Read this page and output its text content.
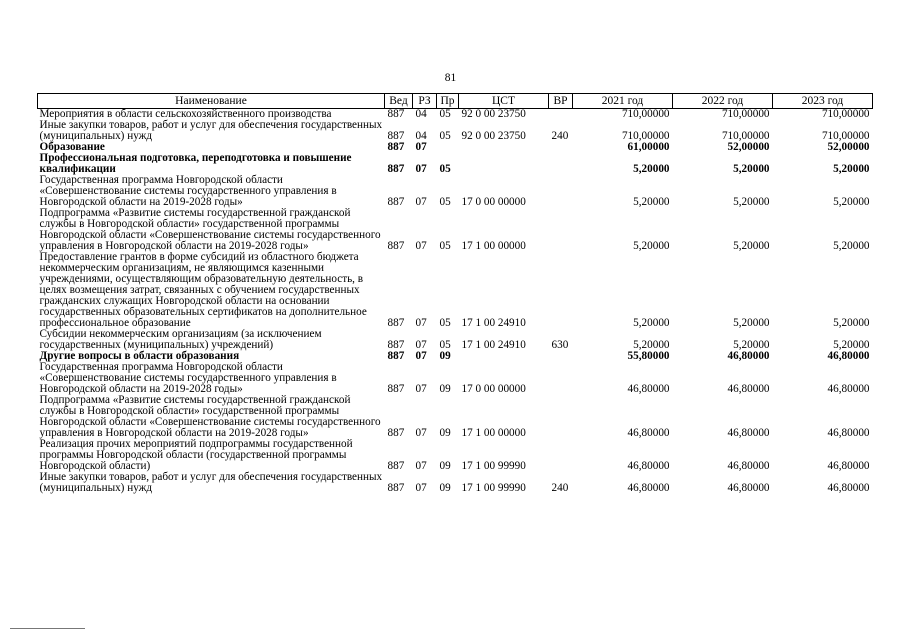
81
Наименование	Вед	РЗ	Пр	ЦСТ	ВР	2021 год	2022 год	2023 год
Мероприятия в области сельскохозяйственного производства	887	04	05	92 0 00 23750		710,00000	710,00000	710,00000
Иные закупки товаров, работ и услуг для обеспечения государственных (муниципальных) нужд	887	04	05	92 0 00 23750	240	710,00000	710,00000	710,00000
Образование	887	07				61,00000	52,00000	52,00000
Профессиональная подготовка, переподготовка и повышение квалификации	887	07	05			5,20000	5,20000	5,20000
Государственная программа Новгородской области «Совершенствование системы государственного управления в Новгородской области на 2019-2028 годы»	887	07	05	17 0 00 00000		5,20000	5,20000	5,20000
Подпрограмма «Развитие системы государственной гражданской службы в Новгородской области» государственной программы Новгородской области «Совершенствование системы государственного управления в Новгородской области на 2019-2028 годы»	887	07	05	17 1 00 00000		5,20000	5,20000	5,20000
Предоставление грантов в форме субсидий из областного бюджета некоммерческим организациям, не являющимся казенными учреждениями, осуществляющим образовательную деятельность, в целях возмещения затрат, связанных с обучением государственных гражданских служащих Новгородской области на основании государственных образовательных сертификатов на дополнительное профессиональное образование	887	07	05	17 1 00 24910		5,20000	5,20000	5,20000
Субсидии некоммерческим организациям (за исключением государственных (муниципальных) учреждений)	887	07	05	17 1 00 24910	630	5,20000	5,20000	5,20000
Другие вопросы в области образования	887	07	09			55,80000	46,80000	46,80000
Государственная программа Новгородской области «Совершенствование системы государственного управления в Новгородской области на 2019-2028 годы»	887	07	09	17 0 00 00000		46,80000	46,80000	46,80000
Подпрограмма «Развитие системы государственной гражданской службы в Новгородской области» государственной программы Новгородской области «Совершенствование системы государственного управления в Новгородской области на 2019-2028 годы»	887	07	09	17 1 00 00000		46,80000	46,80000	46,80000
Реализация прочих мероприятий подпрограммы государственной программы Новгородской области (государственной программы Новгородской области)	887	07	09	17 1 00 99990		46,80000	46,80000	46,80000
Иные закупки товаров, работ и услуг для обеспечения государственных (муниципальных) нужд	887	07	09	17 1 00 99990	240	46,80000	46,80000	46,80000
